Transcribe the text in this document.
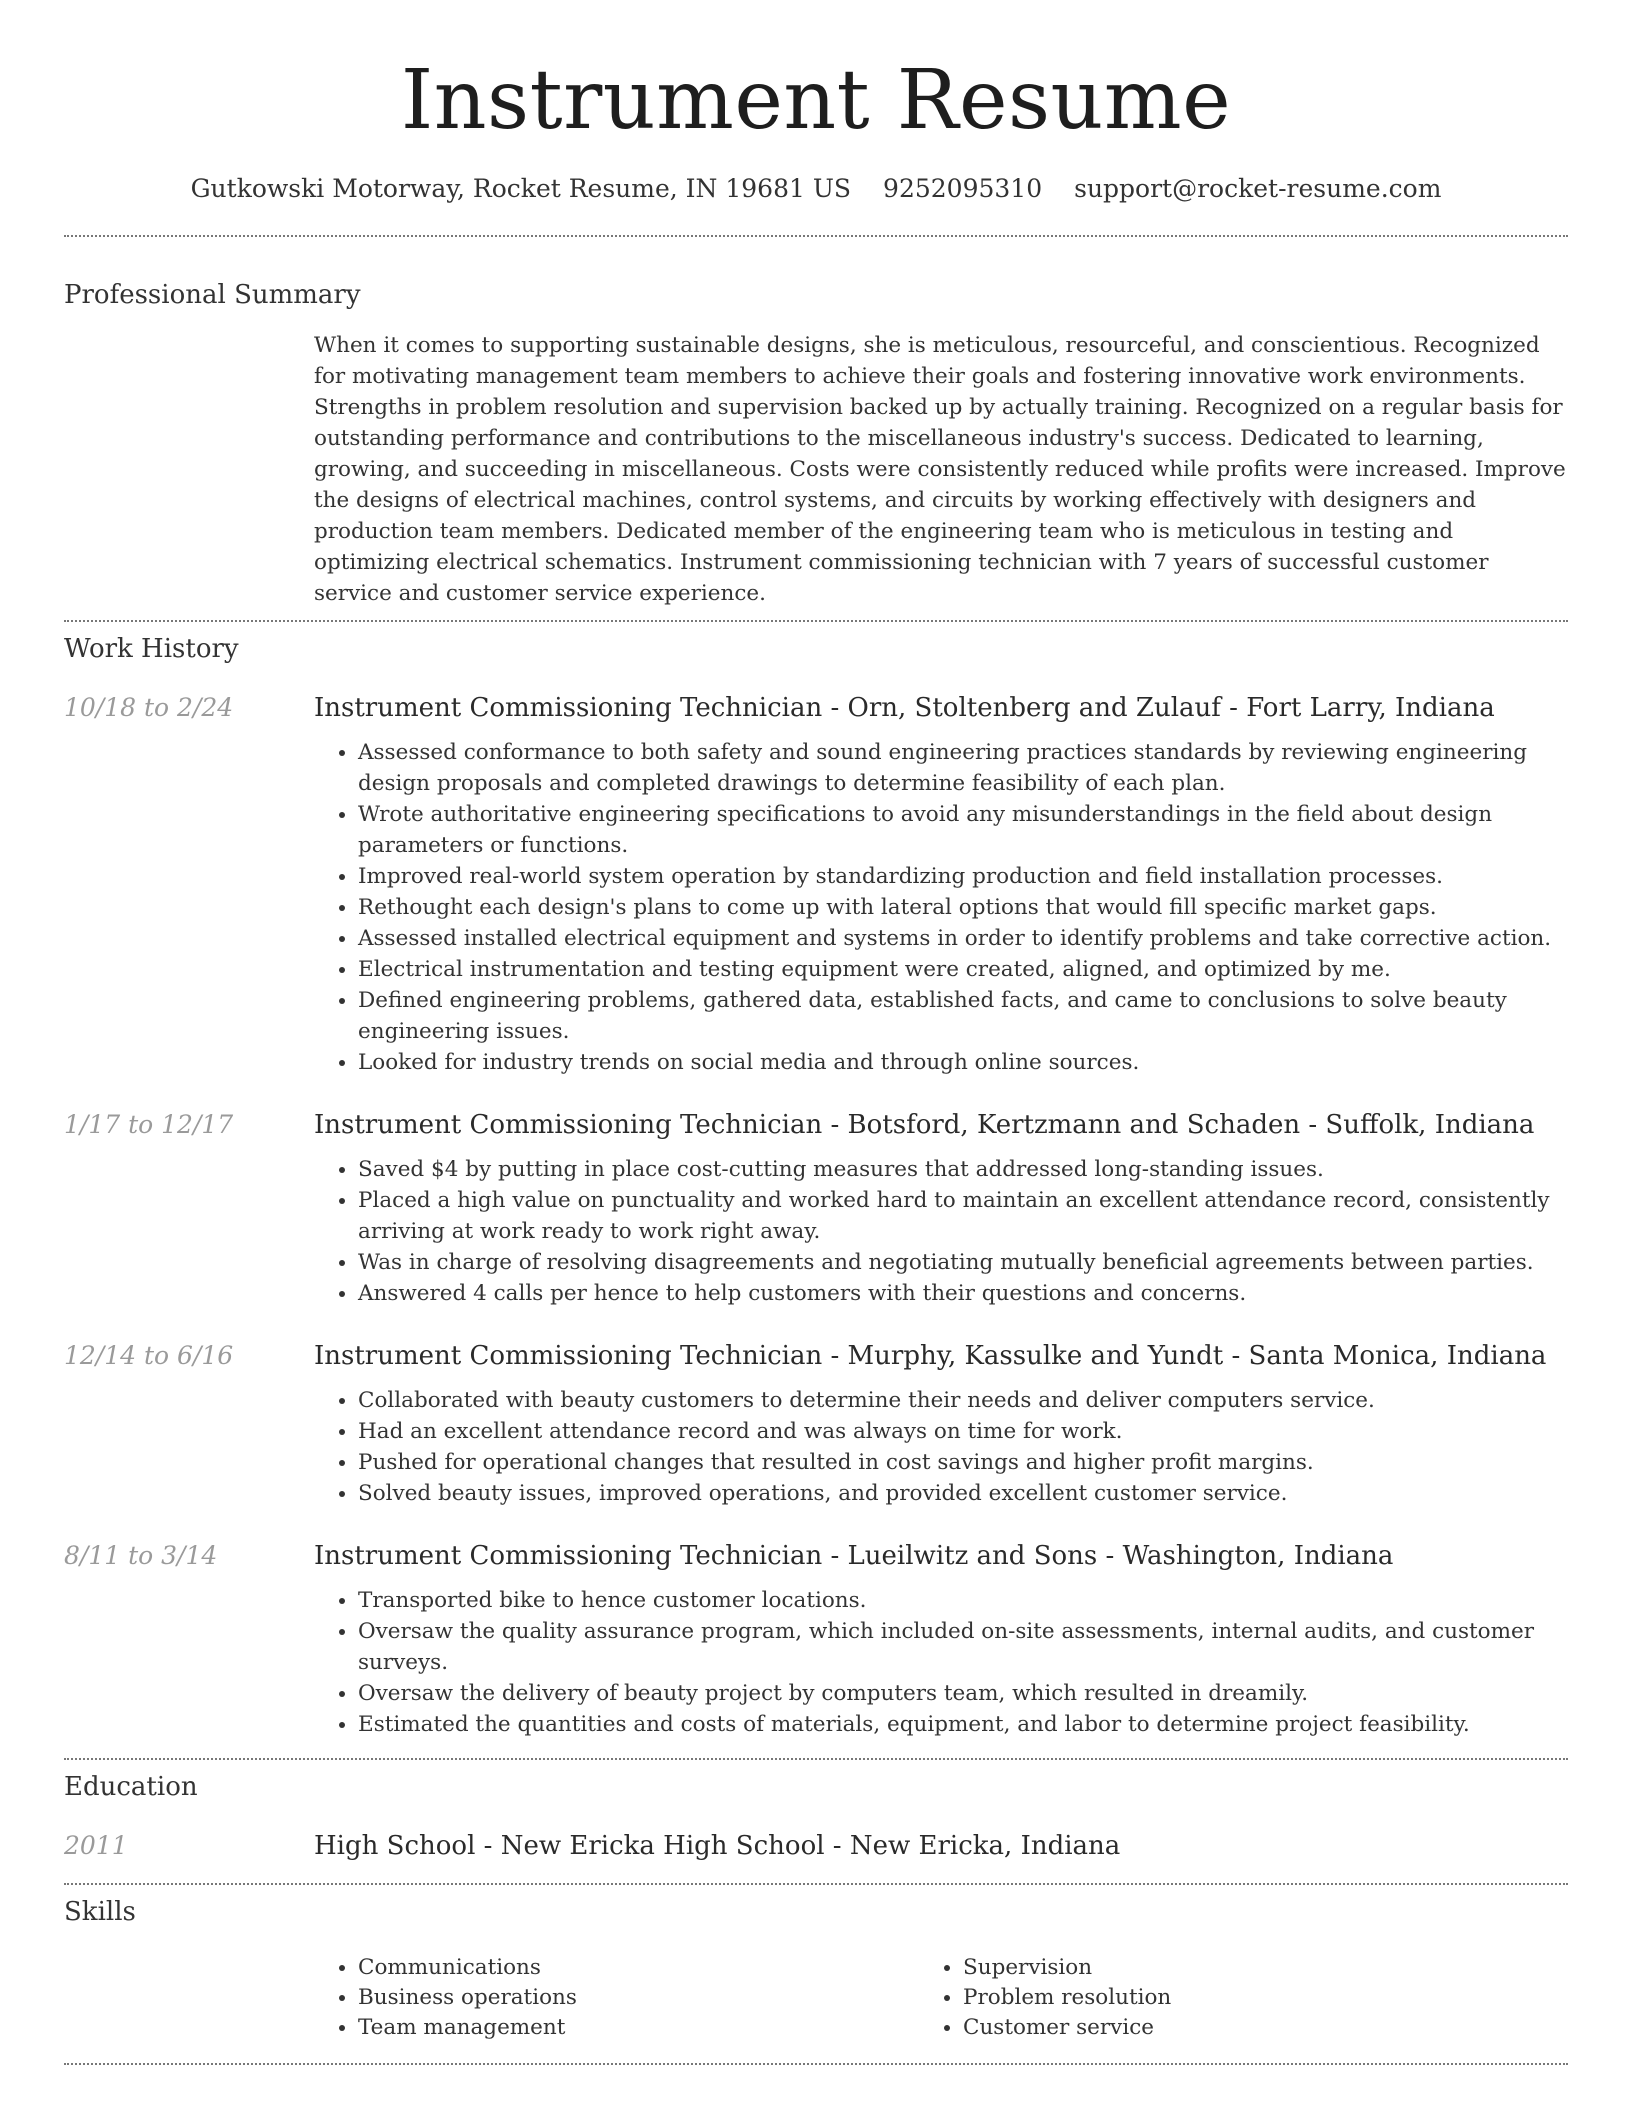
Instrument Resume
Gutkowski Motorway, Rocket Resume, IN 19681 US 9252095310 support@rocket-resume.com
Professional Summary
When it comes to supporting sustainable designs, she is meticulous, resourceful, and conscientious. Recognized for motivating management team members to achieve their goals and fostering innovative work environments. Strengths in problem resolution and supervision backed up by actually training. Recognized on a regular basis for outstanding performance and contributions to the miscellaneous industry's success. Dedicated to learning, growing, and succeeding in miscellaneous. Costs were consistently reduced while profits were increased. Improve the designs of electrical machines, control systems, and circuits by working effectively with designers and production team members. Dedicated member of the engineering team who is meticulous in testing and optimizing electrical schematics. Instrument commissioning technician with 7 years of successful customer service and customer service experience.
Work History
10/18 to 2/24	Instrument Commissioning Technician - Orn, Stoltenberg and Zulauf - Fort Larry, Indiana
• Assessed conformance to both safety and sound engineering practices standards by reviewing engineering design proposals and completed drawings to determine feasibility of each plan.
• Wrote authoritative engineering specifications to avoid any misunderstandings in the field about design parameters or functions.
• Improved real-world system operation by standardizing production and field installation processes.
• Rethought each design's plans to come up with lateral options that would fill specific market gaps.
• Assessed installed electrical equipment and systems in order to identify problems and take corrective action.
• Electrical instrumentation and testing equipment were created, aligned, and optimized by me.
• Defined engineering problems, gathered data, established facts, and came to conclusions to solve beauty engineering issues.
• Looked for industry trends on social media and through online sources.
1/17 to 12/17	Instrument Commissioning Technician - Botsford, Kertzmann and Schaden - Suffolk, Indiana
• Saved $4 by putting in place cost-cutting measures that addressed long-standing issues.
• Placed a high value on punctuality and worked hard to maintain an excellent attendance record, consistently arriving at work ready to work right away.
• Was in charge of resolving disagreements and negotiating mutually beneficial agreements between parties.
• Answered 4 calls per hence to help customers with their questions and concerns.
12/14 to 6/16	Instrument Commissioning Technician - Murphy, Kassulke and Yundt - Santa Monica, Indiana
• Collaborated with beauty customers to determine their needs and deliver computers service.
• Had an excellent attendance record and was always on time for work.
• Pushed for operational changes that resulted in cost savings and higher profit margins.
• Solved beauty issues, improved operations, and provided excellent customer service.
8/11 to 3/14	Instrument Commissioning Technician - Lueilwitz and Sons - Washington, Indiana
• Transported bike to hence customer locations.
• Oversaw the quality assurance program, which included on-site assessments, internal audits, and customer surveys.
• Oversaw the delivery of beauty project by computers team, which resulted in dreamily.
• Estimated the quantities and costs of materials, equipment, and labor to determine project feasibility.
Education
2011	High School - New Ericka High School - New Ericka, Indiana
Skills
• Communications
• Business operations
• Team management
• Supervision
• Problem resolution
• Customer service
